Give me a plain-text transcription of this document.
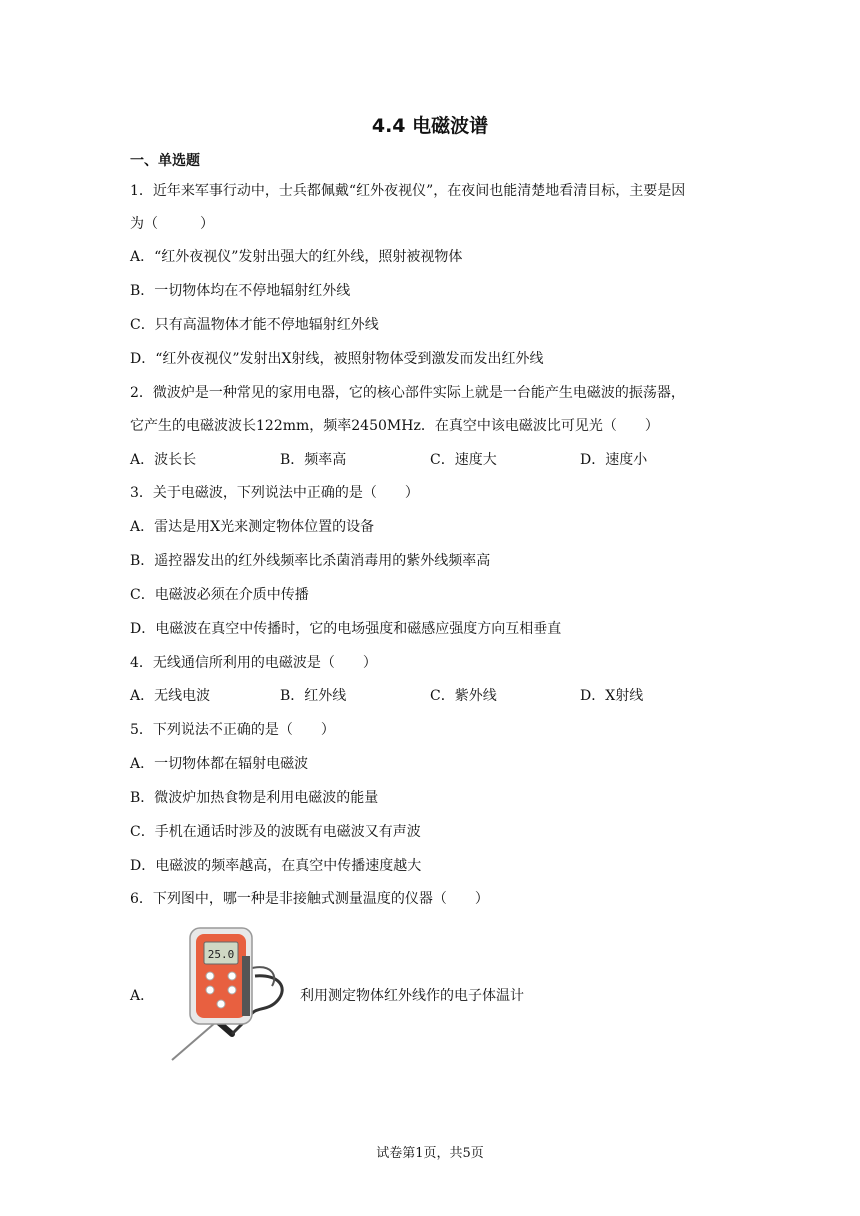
4.4 电磁波谱
一、单选题
1．近年来军事行动中，士兵都佩戴“红外夜视仪”，在夜间也能清楚地看清目标，主要是因
为（　　　）
A．“红外夜视仪”发射出强大的红外线，照射被视物体
B．一切物体均在不停地辐射红外线
C．只有高温物体才能不停地辐射红外线
D．“红外夜视仪”发射出X射线，被照射物体受到激发而发出红外线
2．微波炉是一种常见的家用电器，它的核心部件实际上就是一台能产生电磁波的振荡器，
它产生的电磁波波长122mm，频率2450MHz．在真空中该电磁波比可见光（　　）
A．波长长	B．频率高	C．速度大	D．速度小
3．关于电磁波，下列说法中正确的是（　　）
A．雷达是用X光来测定物体位置的设备
B．遥控器发出的红外线频率比杀菌消毒用的紫外线频率高
C．电磁波必须在介质中传播
D．电磁波在真空中传播时，它的电场强度和磁感应强度方向互相垂直
4．无线通信所利用的电磁波是（　　）
A．无线电波	B．红外线	C．紫外线	D．X射线
5．下列说法不正确的是（　　）
A．一切物体都在辐射电磁波
B．微波炉加热食物是利用电磁波的能量
C．手机在通话时涉及的波既有电磁波又有声波
D．电磁波的频率越高，在真空中传播速度越大
6．下列图中，哪一种是非接触式测量温度的仪器（　　）
A．
25.0
利用测定物体红外线作的电子体温计
试卷第1页，共5页
